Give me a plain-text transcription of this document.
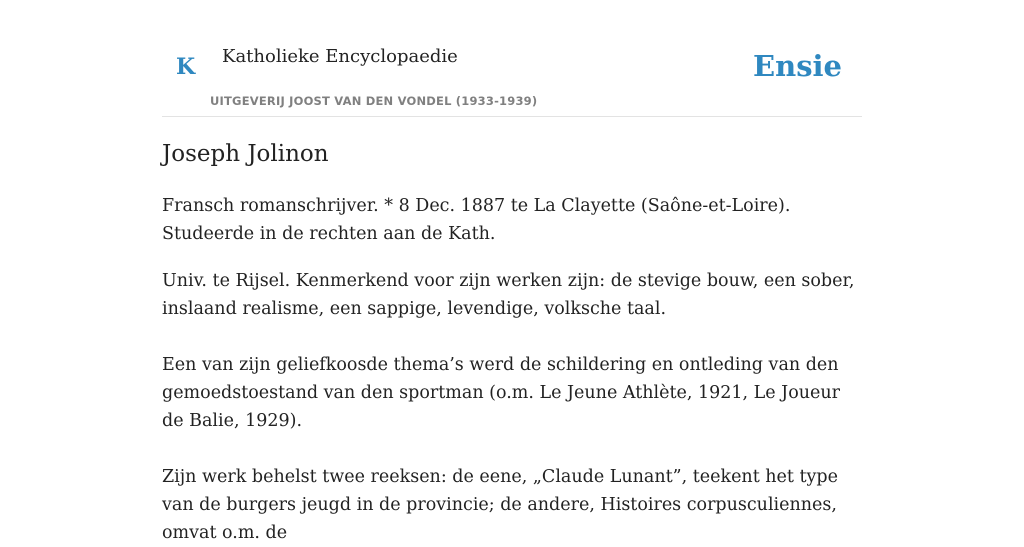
K Katholieke Encyclopaedie
UITGEVERIJ JOOST VAN DEN VONDEL (1933-1939)
Ensie
Joseph Jolinon

Fransch romanschrijver. * 8 Dec. 1887 te La Clayette (Saône-et-Loire). Studeerde in de rechten aan de Kath.

Univ. te Rijsel. Kenmerkend voor zijn werken zijn: de stevige bouw, een sober, inslaand realisme, een sappige, levendige, volksche taal.

Een van zijn geliefkoosde thema’s werd de schildering en ontleding van den gemoedstoestand van den sportman (o.m. Le Jeune Athlète, 1921, Le Joueur de Balie, 1929).

Zijn werk behelst twee reeksen: de eene, „Claude Lunant”, teekent het type van de burgers jeugd in de provincie; de andere, Histoires corpusculiennes, omvat o.m. de
